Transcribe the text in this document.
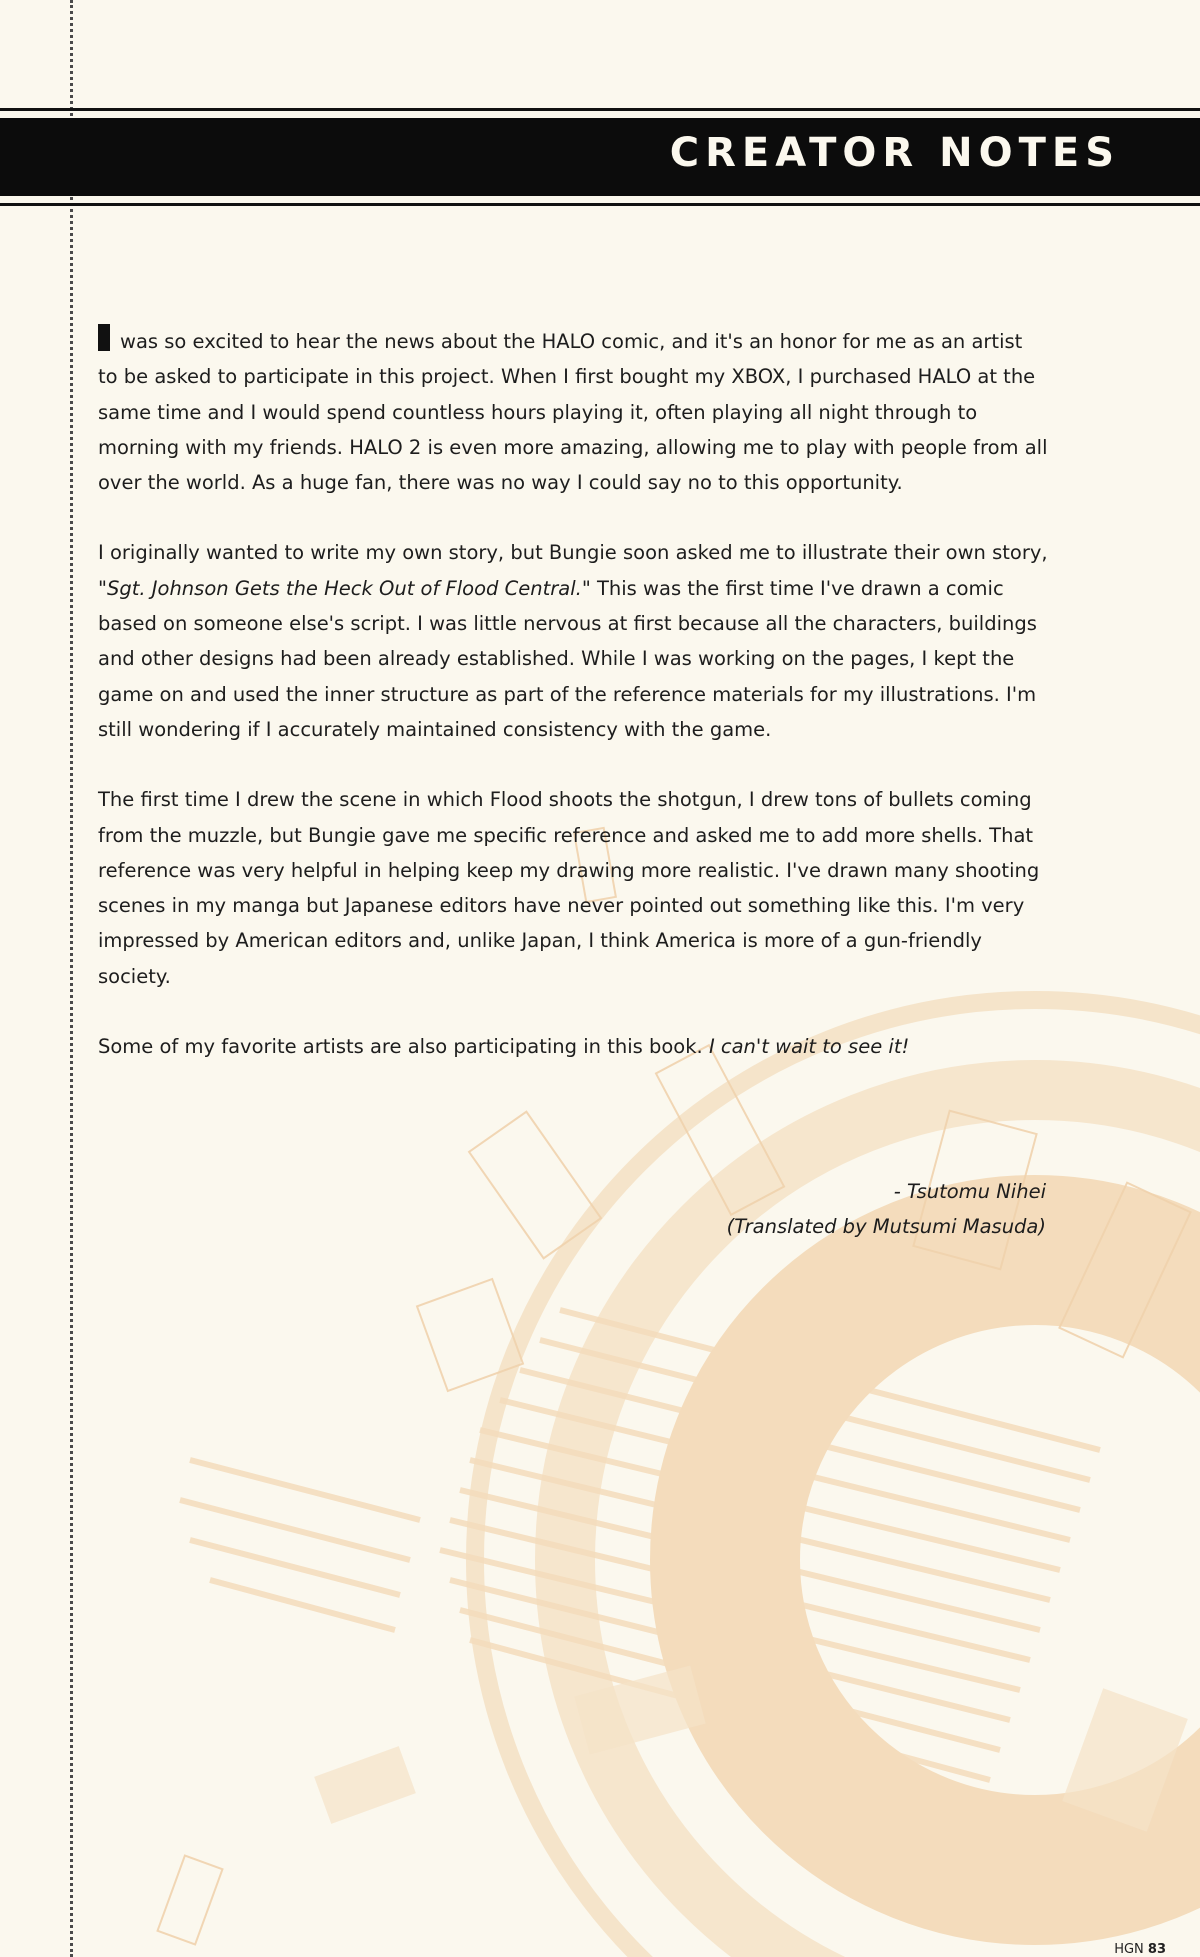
CREATOR NOTES

was so excited to hear the news about the HALO comic, and it's an honor for me as an artist to be asked to participate in this project. When I first bought my XBOX, I purchased HALO at the same time and I would spend countless hours playing it, often playing all night through to morning with my friends. HALO 2 is even more amazing, allowing me to play with people from all over the world. As a huge fan, there was no way I could say no to this opportunity.

I originally wanted to write my own story, but Bungie soon asked me to illustrate their own story, "Sgt. Johnson Gets the Heck Out of Flood Central." This was the first time I've drawn a comic based on someone else's script. I was little nervous at first because all the characters, buildings and other designs had been already established. While I was working on the pages, I kept the game on and used the inner structure as part of the reference materials for my illustrations. I'm still wondering if I accurately maintained consistency with the game.

The first time I drew the scene in which Flood shoots the shotgun, I drew tons of bullets coming from the muzzle, but Bungie gave me specific reference and asked me to add more shells. That reference was very helpful in helping keep my drawing more realistic. I've drawn many shooting scenes in my manga but Japanese editors have never pointed out something like this. I'm very impressed by American editors and, unlike Japan, I think America is more of a gun-friendly society.

Some of my favorite artists are also participating in this book. I can't wait to see it!

- Tsutomu Nihei
(Translated by Mutsumi Masuda)
HGN 83
